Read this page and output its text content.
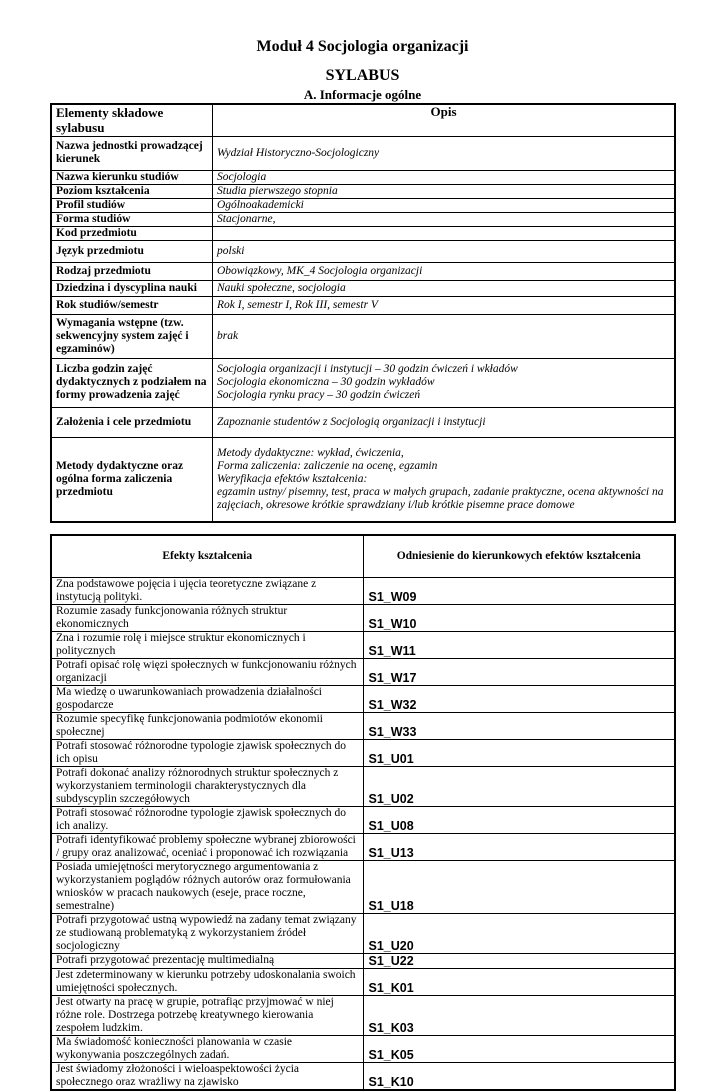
Moduł 4 Socjologia organizacji
SYLABUS
A. Informacje ogólne
Elementy składowe sylabusu	Opis
Nazwa jednostki prowadzącej kierunek	Wydział Historyczno-Socjologiczny

Nazwa kierunku studiów	Socjologia

Poziom kształcenia	Studia pierwszego stopnia

Profil studiów	Ogólnoakademicki

Forma studiów	Stacjonarne,

Kod przedmiotu	

Język przedmiotu	polski

Rodzaj przedmiotu	Obowiązkowy, MK_4 Socjologia organizacji

Dziedzina i dyscyplina nauki	Nauki społeczne, socjologia

Rok studiów/semestr	Rok I, semestr I, Rok III, semestr V

Wymagania wstępne (tzw. sekwencyjny system zajęć i egzaminów)	brak

Liczba godzin zajęć dydaktycznych z podziałem na formy prowadzenia zajęć	Socjologia organizacji i instytucji – 30 godzin ćwiczeń i wkładów
Socjologia ekonomiczna – 30 godzin wykładów
Socjologia rynku pracy – 30 godzin ćwiczeń

Założenia i cele przedmiotu	Zapoznanie studentów z Socjologią organizacji i instytucji

Metody dydaktyczne oraz ogólna forma zaliczenia przedmiotu	Metody dydaktyczne: wykład, ćwiczenia,
Forma zaliczenia: zaliczenie na ocenę, egzamin
Weryfikacja efektów kształcenia:
egzamin ustny/ pisemny, test, praca w małych grupach, zadanie praktyczne, ocena aktywności na zajęciach, okresowe krótkie sprawdziany i/lub krótkie pisemne prace domowe
Efekty kształcenia	Odniesienie do kierunkowych efektów kształcenia
Zna podstawowe pojęcia i ujęcia teoretyczne związane z instytucją polityki.	S1_W09
Rozumie zasady funkcjonowania różnych struktur ekonomicznych	S1_W10
Zna i rozumie rolę i miejsce struktur ekonomicznych i politycznych	S1_W11
Potrafi opisać rolę więzi społecznych w funkcjonowaniu różnych organizacji	S1_W17
Ma wiedzę o uwarunkowaniach prowadzenia działalności gospodarcze	S1_W32
Rozumie specyfikę funkcjonowania podmiotów ekonomii społecznej	S1_W33
Potrafi stosować różnorodne typologie zjawisk społecznych do ich opisu	S1_U01
Potrafi dokonać analizy różnorodnych struktur społecznych z wykorzystaniem terminologii charakterystycznych dla subdyscyplin szczegółowych	S1_U02
Potrafi stosować różnorodne typologie zjawisk społecznych do ich analizy.	S1_U08
Potrafi identyfikować problemy społeczne wybranej zbiorowości / grupy oraz analizować, oceniać i proponować ich rozwiązania	S1_U13
Posiada umiejętności merytorycznego argumentowania z wykorzystaniem poglądów różnych autorów oraz formułowania wniosków w pracach naukowych (eseje, prace roczne, semestralne)	S1_U18
Potrafi przygotować ustną wypowiedź na zadany temat związany ze studiowaną problematyką z wykorzystaniem źródeł socjologiczny	S1_U20
Potrafi przygotować prezentację multimedialną	S1_U22
Jest zdeterminowany w kierunku potrzeby udoskonalania swoich umiejętności społecznych.	S1_K01
Jest otwarty na pracę w grupie, potrafiąc przyjmować w niej różne role. Dostrzega potrzebę kreatywnego kierowania zespołem ludzkim.	S1_K03
Ma świadomość konieczności planowania w czasie wykonywania poszczególnych zadań.	S1_K05
Jest świadomy złożoności i wieloaspektowości życia społecznego oraz wrażliwy na zjawisko	S1_K10
